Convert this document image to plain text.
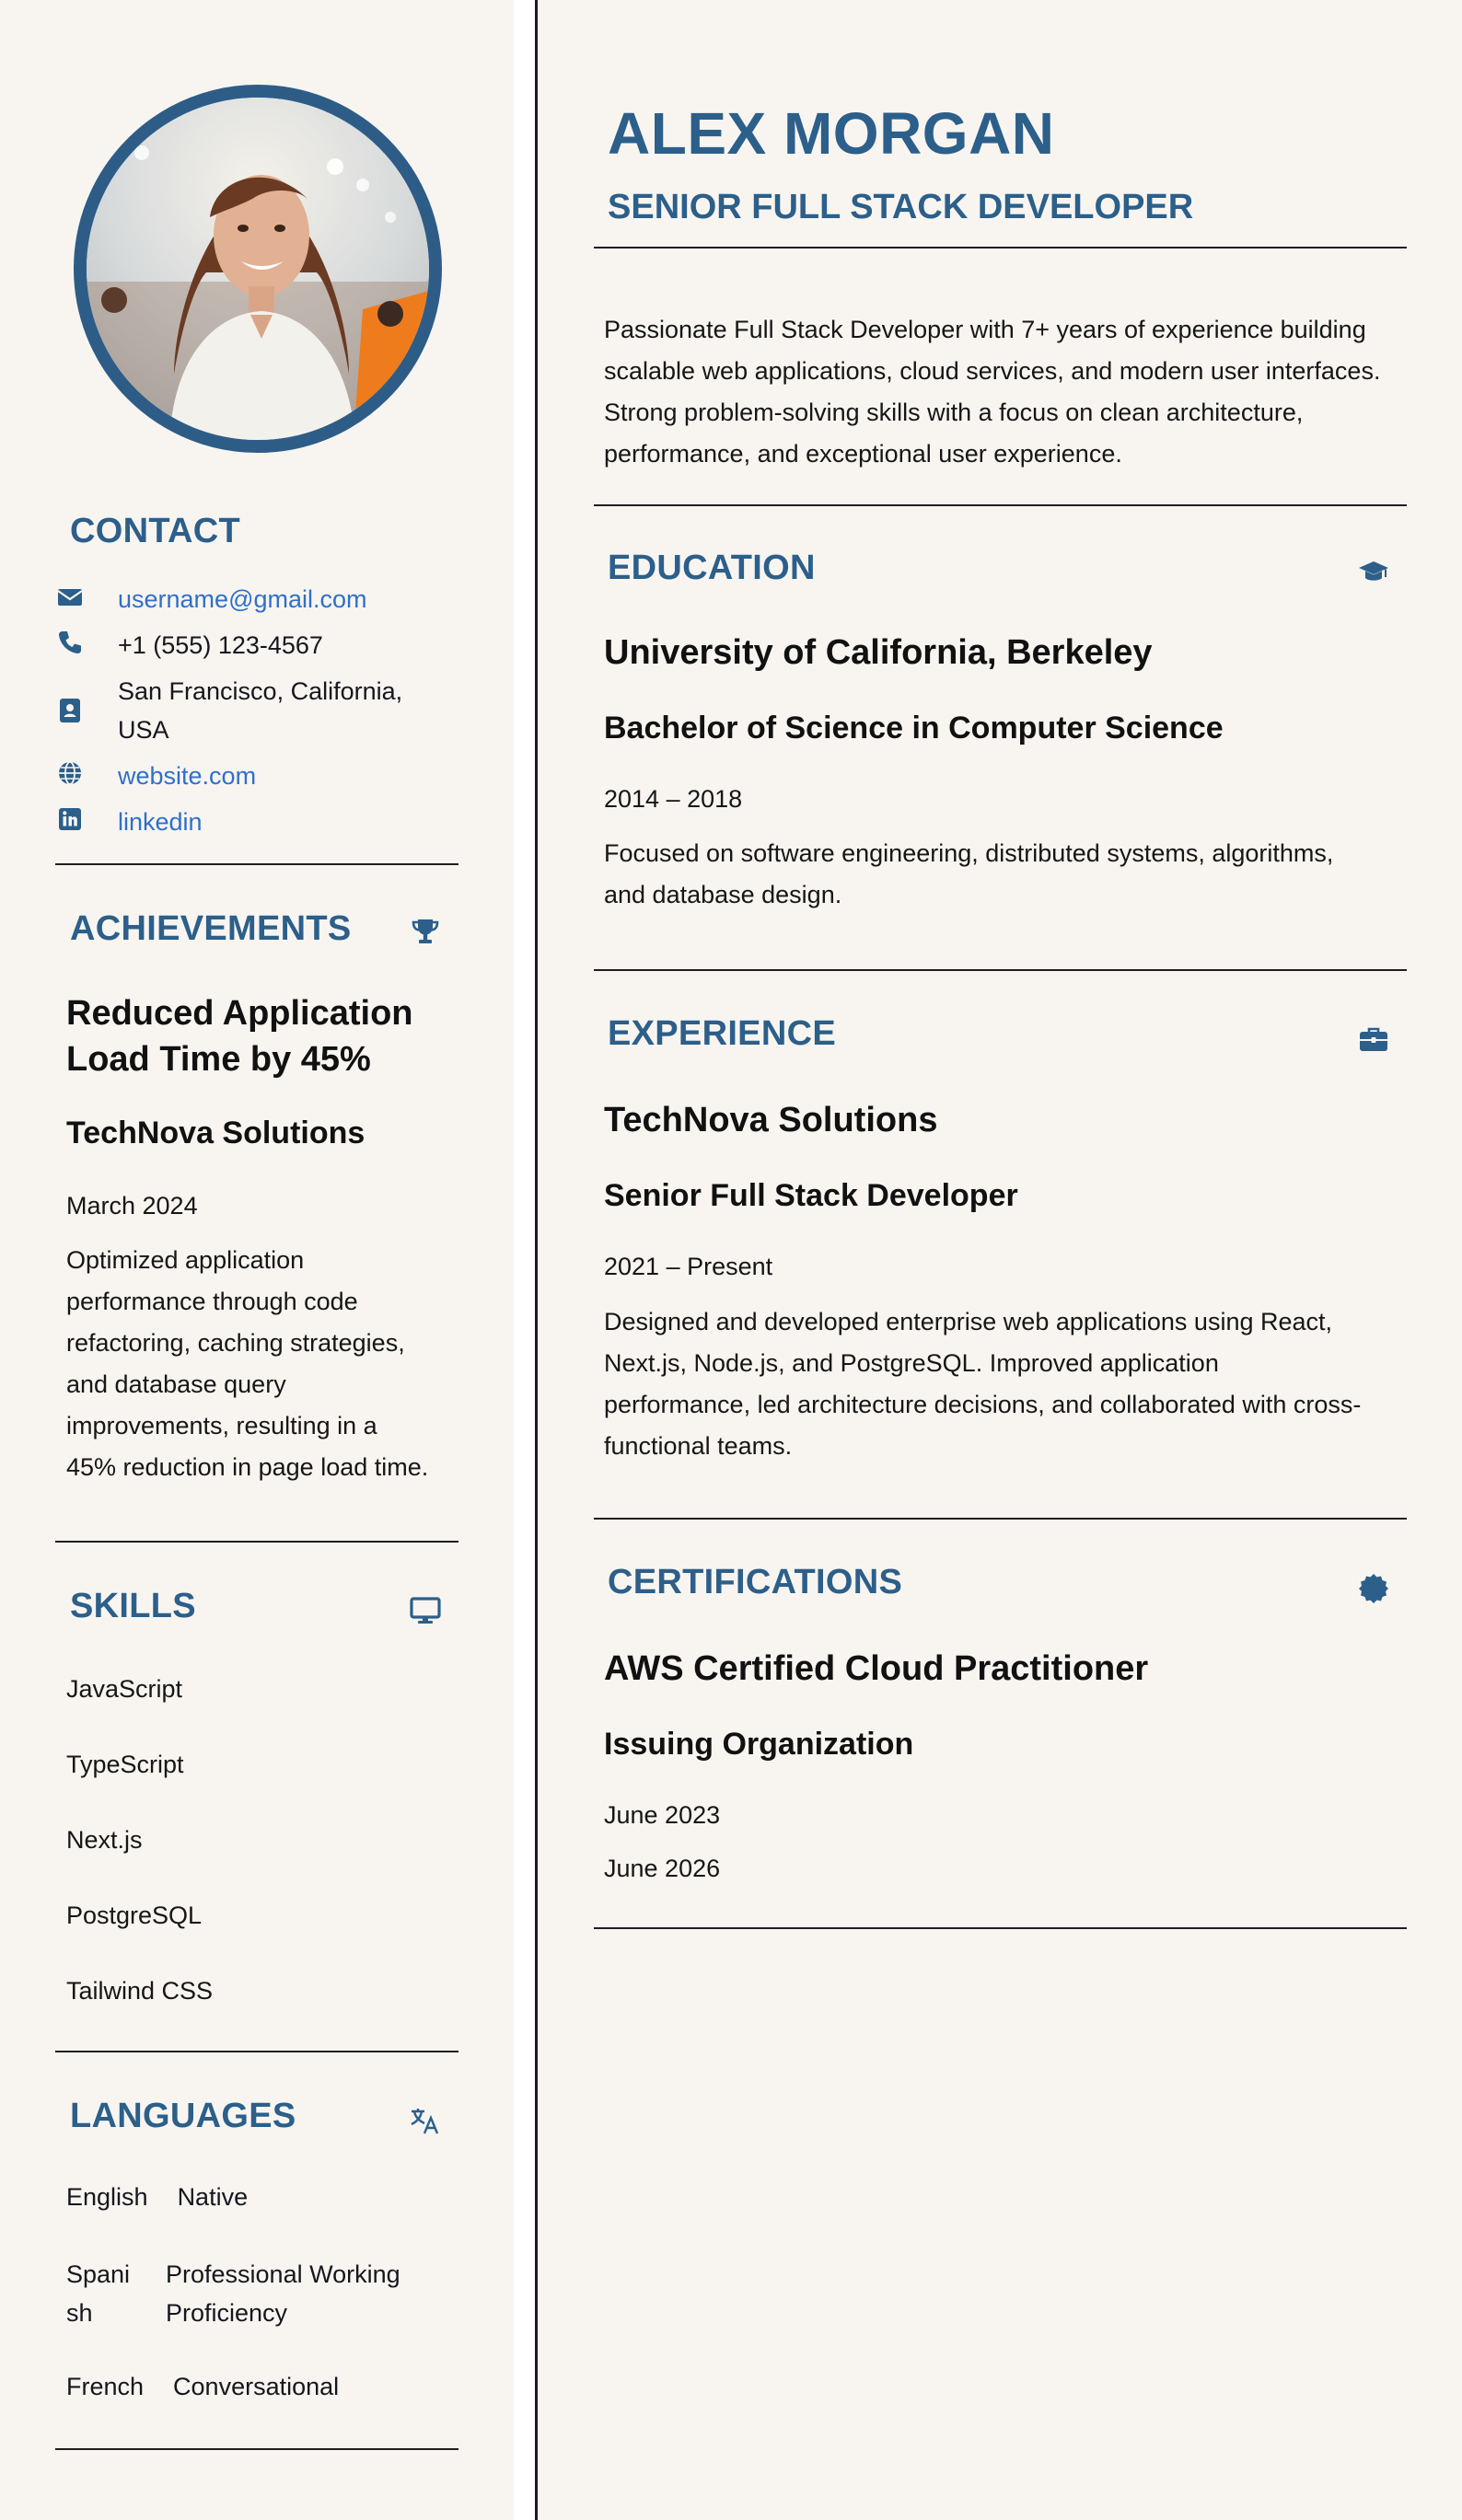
CONTACT
username@gmail.com
+1 (555) 123-4567
San Francisco, California,
USA
website.com
linkedin
ACHIEVEMENTS
Reduced Application
Load Time by 45%
TechNova Solutions
March 2024
Optimized application
performance through code
refactoring, caching strategies,
and database query
improvements, resulting in a
45% reduction in page load time.
SKILLS
JavaScript
TypeScript
Next.js
PostgreSQL
Tailwind CSS
LANGUAGES
English Native
Spani
sh
Professional Working
Proficiency
French Conversational
ALEX MORGAN
SENIOR FULL STACK DEVELOPER
Passionate Full Stack Developer with 7+ years of experience building scalable web applications, cloud services, and modern user interfaces. Strong problem-solving skills with a focus on clean architecture, performance, and exceptional user experience.
EDUCATION
University of California, Berkeley
Bachelor of Science in Computer Science
2014 – 2018
Focused on software engineering, distributed systems, algorithms,
and database design.
EXPERIENCE
TechNova Solutions
Senior Full Stack Developer
2021 – Present
Designed and developed enterprise web applications using React,
Next.js, Node.js, and PostgreSQL. Improved application
performance, led architecture decisions, and collaborated with cross-
functional teams.
CERTIFICATIONS
AWS Certified Cloud Practitioner
Issuing Organization
June 2023
June 2026
